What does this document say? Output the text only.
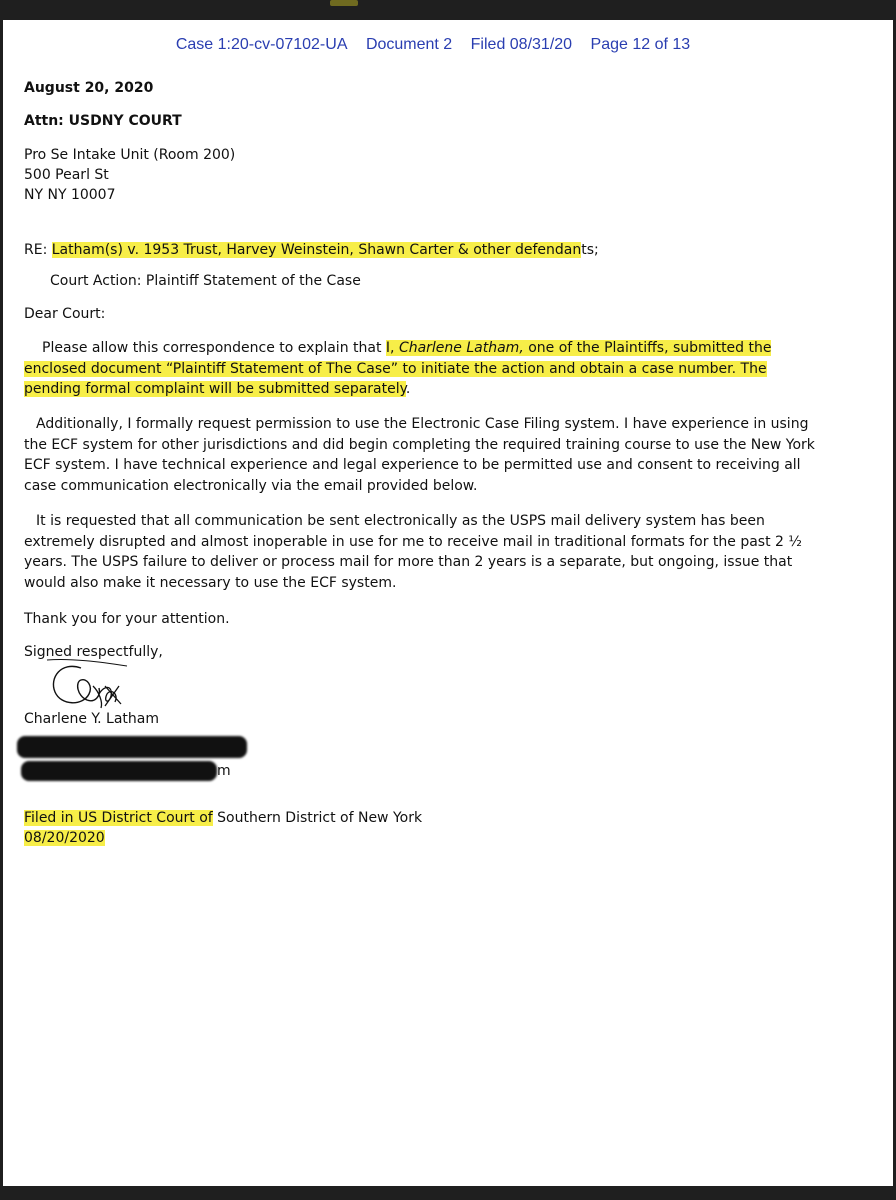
Case 1:20-cv-07102-UA Document 2 Filed 08/31/20 Page 12 of 13
August 20, 2020
Attn: USDNY COURT
Pro Se Intake Unit (Room 200)
500 Pearl St
NY NY 10007
RE: Latham(s) v. 1953 Trust, Harvey Weinstein, Shawn Carter & other defendants;
Court Action: Plaintiff Statement of the Case
Dear Court:
Please allow this correspondence to explain that I, Charlene Latham, one of the Plaintiffs, submitted the enclosed document “Plaintiff Statement of The Case” to initiate the action and obtain a case number. The pending formal complaint will be submitted separately.
Additionally, I formally request permission to use the Electronic Case Filing system. I have experience in using the ECF system for other jurisdictions and did begin completing the required training course to use the New York ECF system. I have technical experience and legal experience to be permitted use and consent to receiving all case communication electronically via the email provided below.
It is requested that all communication be sent electronically as the USPS mail delivery system has been extremely disrupted and almost inoperable in use for me to receive mail in traditional formats for the past 2 ½ years. The USPS failure to deliver or process mail for more than 2 years is a separate, but ongoing, issue that would also make it necessary to use the ECF system.
Thank you for your attention.
Signed respectfully,
Charlene Y. Latham
m
Filed in US District Court of Southern District of New York
08/20/2020
